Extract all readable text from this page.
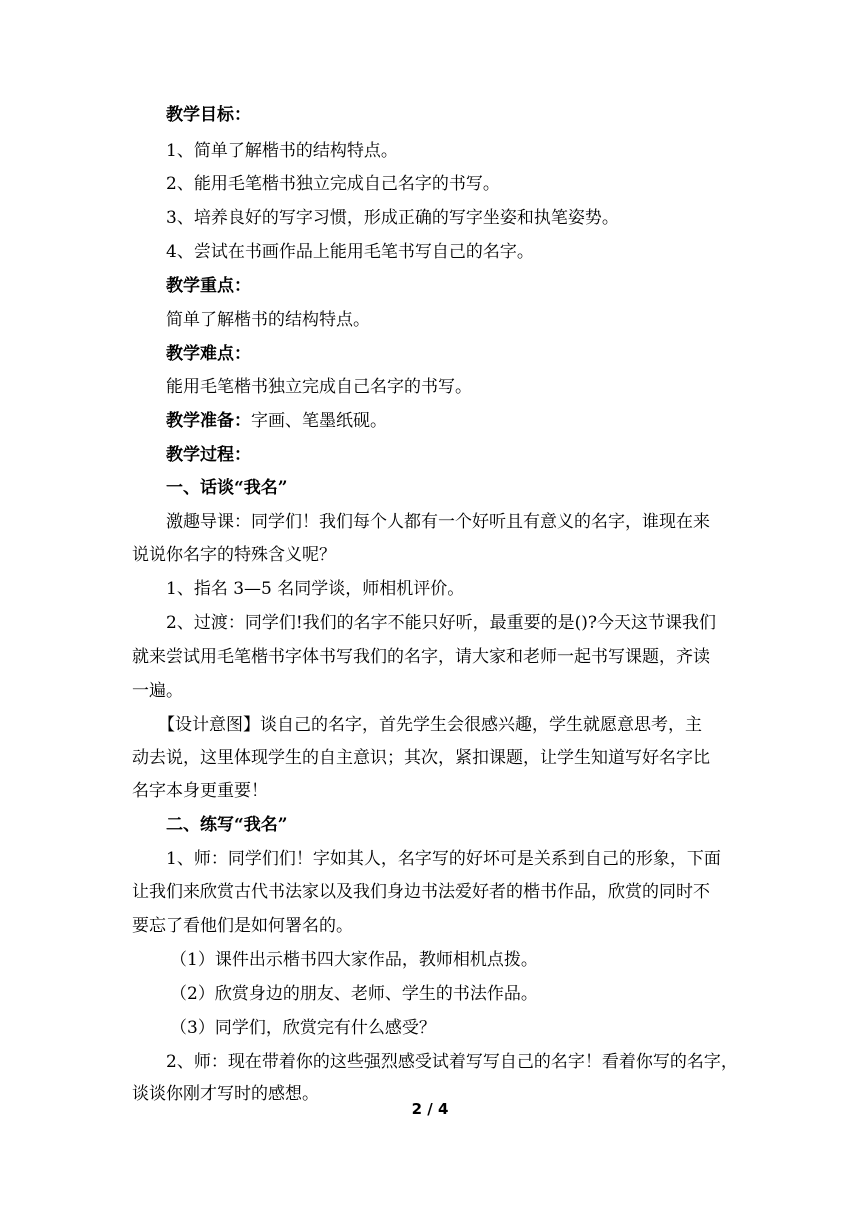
教学目标：
1、简单了解楷书的结构特点。
2、能用毛笔楷书独立完成自己名字的书写。
3、培养良好的写字习惯，形成正确的写字坐姿和执笔姿势。
4、尝试在书画作品上能用毛笔书写自己的名字。
教学重点：
简单了解楷书的结构特点。
教学难点：
能用毛笔楷书独立完成自己名字的书写。
教学准备：字画、笔墨纸砚。
教学过程：
一、话谈“我名”
激趣导课：同学们！我们每个人都有一个好听且有意义的名字，谁现在来
说说你名字的特殊含义呢？
1、指名 3—5 名同学谈，师相机评价。
2、过渡：同学们!我们的名字不能只好听，最重要的是()?今天这节课我们
就来尝试用毛笔楷书字体书写我们的名字，请大家和老师一起书写课题，齐读
一遍。
【设计意图】谈自己的名字，首先学生会很感兴趣，学生就愿意思考，主
动去说，这里体现学生的自主意识；其次，紧扣课题，让学生知道写好名字比
名字本身更重要！
二、练写“我名”
1、师：同学们们！字如其人，名字写的好坏可是关系到自己的形象，下面
让我们来欣赏古代书法家以及我们身边书法爱好者的楷书作品，欣赏的同时不
要忘了看他们是如何署名的。
（1）课件出示楷书四大家作品，教师相机点拨。
（2）欣赏身边的朋友、老师、学生的书法作品。
（3）同学们，欣赏完有什么感受？
2、师：现在带着你的这些强烈感受试着写写自己的名字！看着你写的名字，
谈谈你刚才写时的感想。
2 / 4
